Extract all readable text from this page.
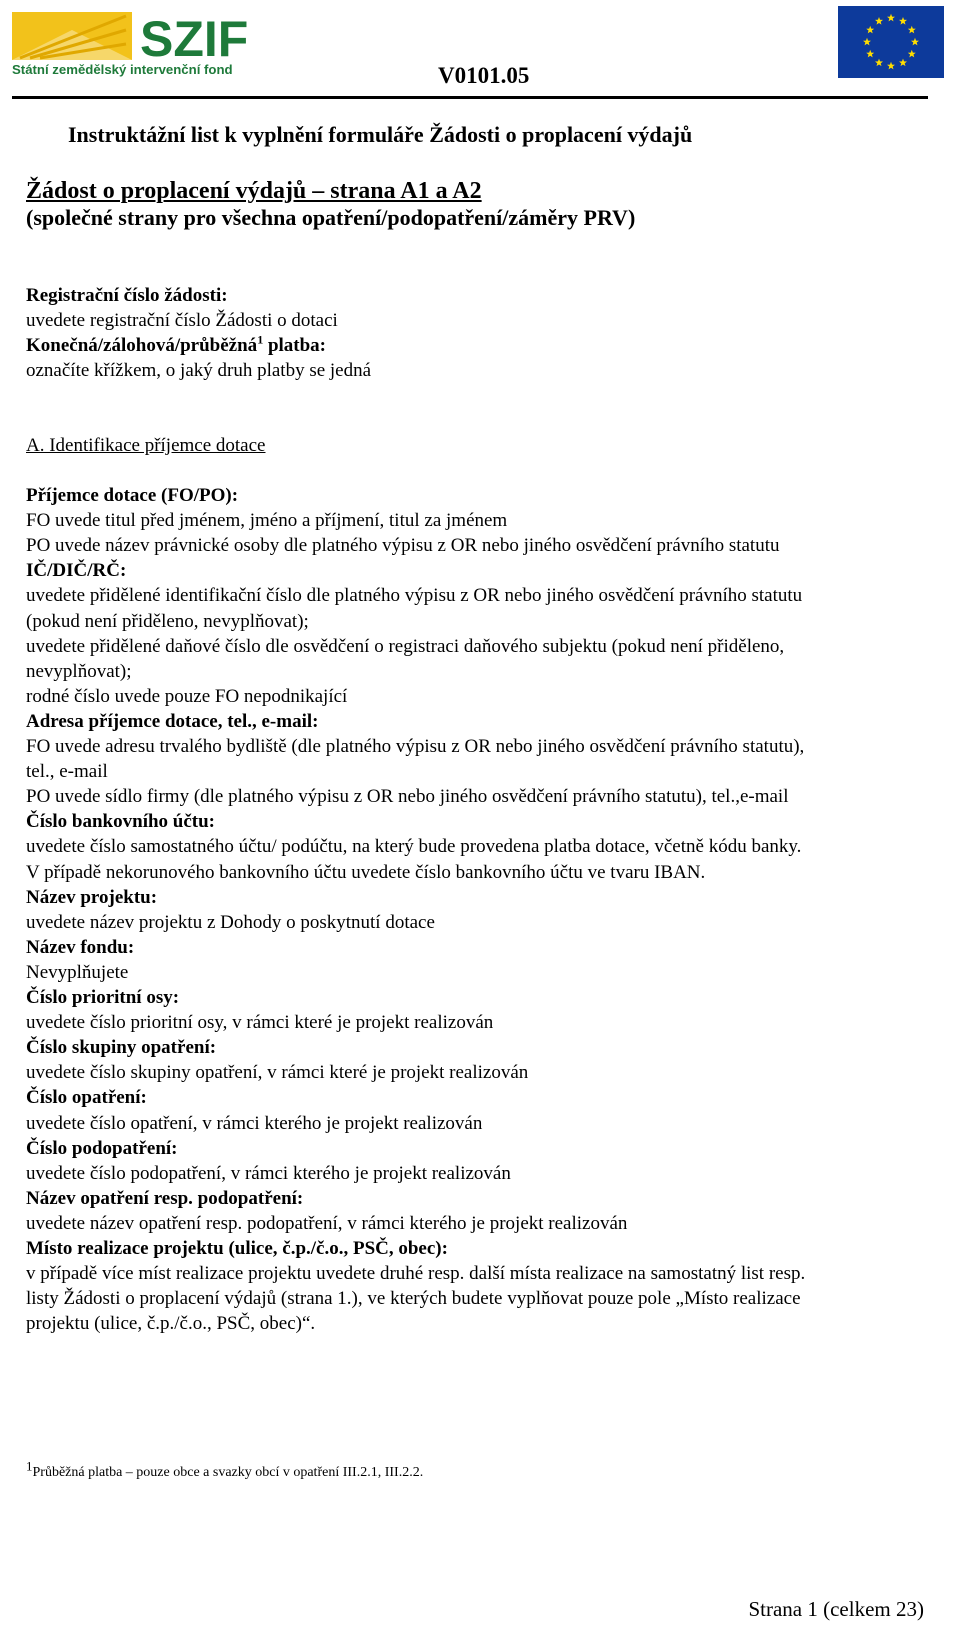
SZIF
Státní zemědělský intervenční fond	V0101.05
Instruktážní list k vyplnění formuláře Žádosti o proplacení výdajů
Žádost o proplacení výdajů – strana A1 a A2
(společné strany pro všechna opatření/podopatření/záměry PRV)
Registrační číslo žádosti:
uvedete registrační číslo Žádosti o dotaci
Konečná/zálohová/průběžná$^1$ platba:
označíte křížkem, o jaký druh platby se jedná
A. Identifikace příjemce dotace
Příjemce dotace (FO/PO):
FO uvede titul před jménem, jméno a příjmení, titul za jménem
PO uvede název právnické osoby dle platného výpisu z OR nebo jiného osvědčení právního statutu
IČ/DIČ/RČ:
uvedete přidělené identifikační číslo dle platného výpisu z OR nebo jiného osvědčení právního statutu
(pokud není přiděleno, nevyplňovat);
uvedete přidělené daňové číslo dle osvědčení o registraci daňového subjektu (pokud není přiděleno,
nevyplňovat);
rodné číslo uvede pouze FO nepodnikající
Adresa příjemce dotace, tel., e-mail:
FO uvede adresu trvalého bydliště (dle platného výpisu z OR nebo jiného osvědčení právního statutu),
tel., e-mail
PO uvede sídlo firmy (dle platného výpisu z OR nebo jiného osvědčení právního statutu), tel.,e-mail
Číslo bankovního účtu:
uvedete číslo samostatného účtu/ podúčtu, na který bude provedena platba dotace, včetně kódu banky.
V případě nekorunového bankovního účtu uvedete číslo bankovního účtu ve tvaru IBAN.
Název projektu:
uvedete název projektu z Dohody o poskytnutí dotace
Název fondu:
Nevyplňujete
Číslo prioritní osy:
uvedete číslo prioritní osy, v rámci které je projekt realizován
Číslo skupiny opatření:
uvedete číslo skupiny opatření, v rámci které je projekt realizován
Číslo opatření:
uvedete číslo opatření, v rámci kterého je projekt realizován
Číslo podopatření:
uvedete číslo podopatření, v rámci kterého je projekt realizován
Název opatření resp. podopatření:
uvedete název opatření resp. podopatření, v rámci kterého je projekt realizován
Místo realizace projektu (ulice, č.p./č.o., PSČ, obec):
v případě více míst realizace projektu uvedete druhé resp. další místa realizace na samostatný list resp.
listy Žádosti o proplacení výdajů (strana 1.), ve kterých budete vyplňovat pouze pole „Místo realizace
projektu (ulice, č.p./č.o., PSČ, obec)“.
$^1$Průběžná platba – pouze obce a svazky obcí v opatření III.2.1, III.2.2.
Strana 1 (celkem 23)
